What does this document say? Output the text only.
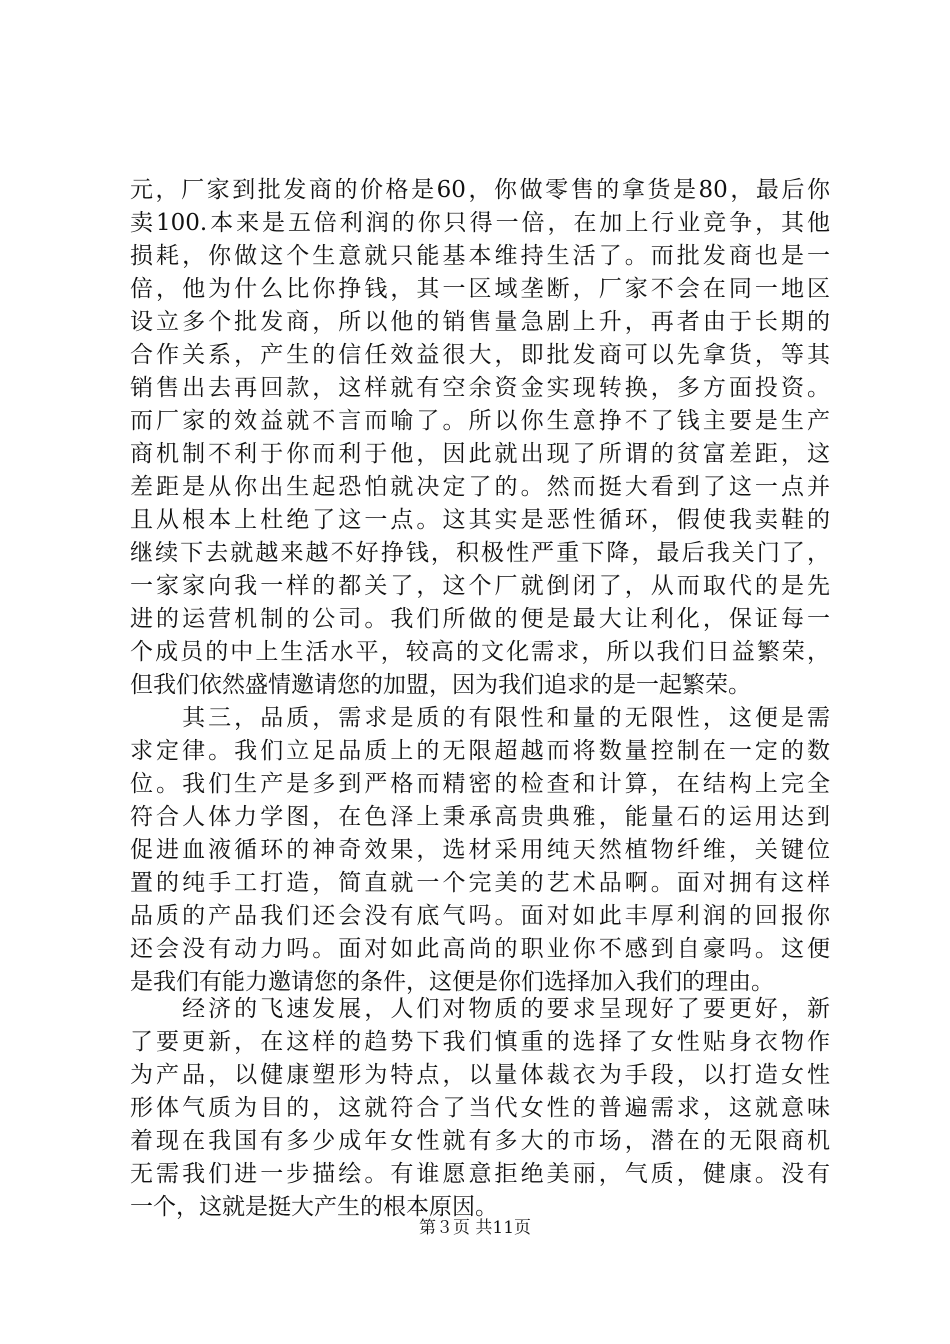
元，厂家到批发商的价格是60，你做零售的拿货是80，最后你
卖100.本来是五倍利润的你只得一倍，在加上行业竞争，其他
损耗，你做这个生意就只能基本维持生活了。而批发商也是一
倍，他为什么比你挣钱，其一区域垄断，厂家不会在同一地区
设立多个批发商，所以他的销售量急剧上升，再者由于长期的
合作关系，产生的信任效益很大，即批发商可以先拿货，等其
销售出去再回款，这样就有空余资金实现转换，多方面投资。
而厂家的效益就不言而喻了。所以你生意挣不了钱主要是生产
商机制不利于你而利于他，因此就出现了所谓的贫富差距，这
差距是从你出生起恐怕就决定了的。然而挺大看到了这一点并
且从根本上杜绝了这一点。这其实是恶性循环，假使我卖鞋的
继续下去就越来越不好挣钱，积极性严重下降，最后我关门了，
一家家向我一样的都关了，这个厂就倒闭了，从而取代的是先
进的运营机制的公司。我们所做的便是最大让利化，保证每一
个成员的中上生活水平，较高的文化需求，所以我们日益繁荣，
但我们依然盛情邀请您的加盟，因为我们追求的是一起繁荣。
　　其三，品质，需求是质的有限性和量的无限性，这便是需
求定律。我们立足品质上的无限超越而将数量控制在一定的数
位。我们生产是多到严格而精密的检查和计算，在结构上完全
符合人体力学图，在色泽上秉承高贵典雅，能量石的运用达到
促进血液循环的神奇效果，选材采用纯天然植物纤维，关键位
置的纯手工打造，简直就一个完美的艺术品啊。面对拥有这样
品质的产品我们还会没有底气吗。面对如此丰厚利润的回报你
还会没有动力吗。面对如此高尚的职业你不感到自豪吗。这便
是我们有能力邀请您的条件，这便是你们选择加入我们的理由。
　　经济的飞速发展，人们对物质的要求呈现好了要更好，新
了要更新，在这样的趋势下我们慎重的选择了女性贴身衣物作
为产品，以健康塑形为特点，以量体裁衣为手段，以打造女性
形体气质为目的，这就符合了当代女性的普遍需求，这就意味
着现在我国有多少成年女性就有多大的市场，潜在的无限商机
无需我们进一步描绘。有谁愿意拒绝美丽，气质，健康。没有
一个，这就是挺大产生的根本原因。
第３页 共11页
